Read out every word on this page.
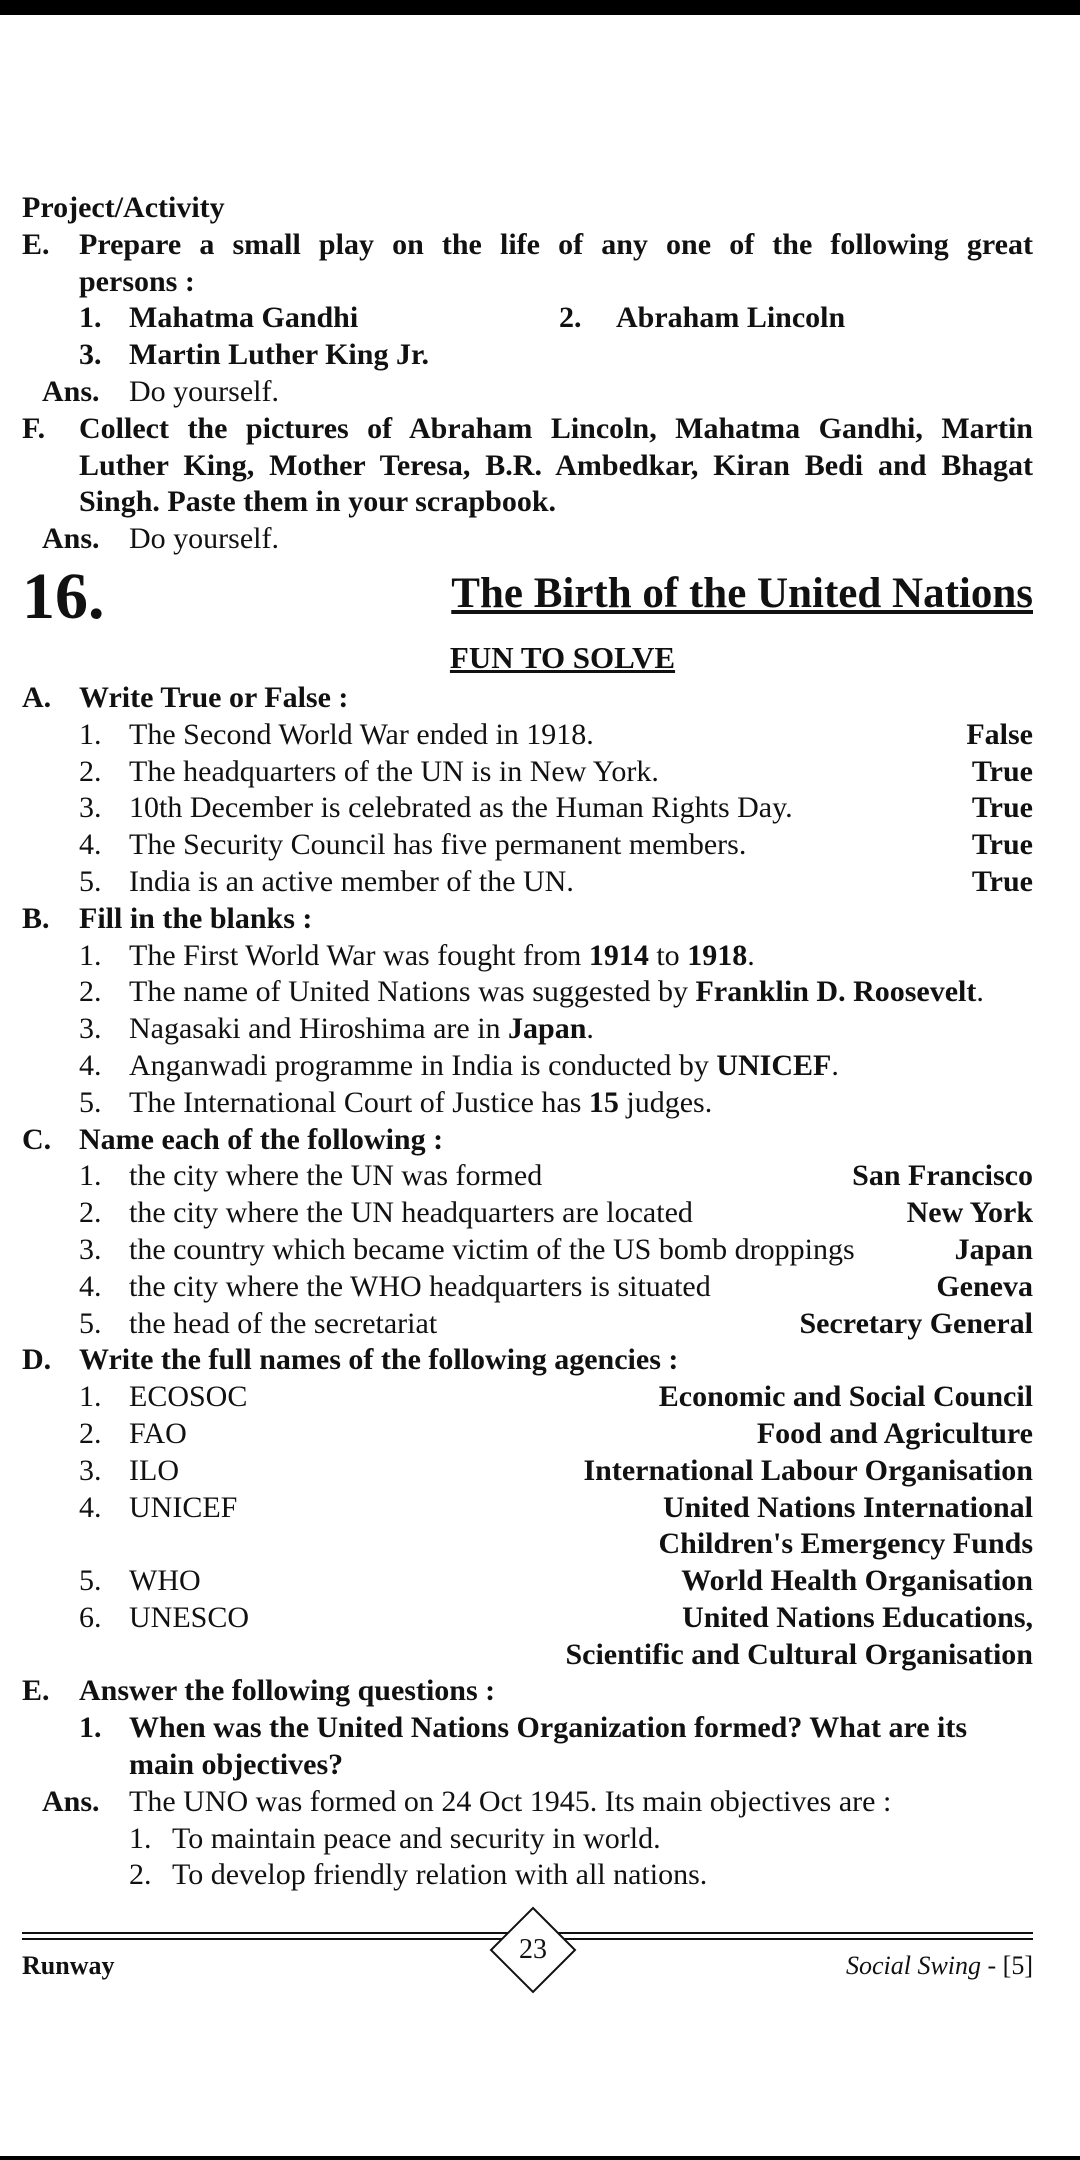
Project/Activity
E. Prepare a small play on the life of any one of the following great
persons :
1. Mahatma Gandhi	2. Abraham Lincoln
3. Martin Luther King Jr.
Ans. Do yourself.
F. Collect the pictures of Abraham Lincoln, Mahatma Gandhi, Martin
Luther King, Mother Teresa, B.R. Ambedkar, Kiran Bedi and Bhagat
Singh. Paste them in your scrapbook.
Ans. Do yourself.
16.	The Birth of the United Nations
FUN TO SOLVE
A. Write True or False :
1. The Second World War ended in 1918.	False
2. The headquarters of the UN is in New York.	True
3. 10th December is celebrated as the Human Rights Day.	True
4. The Security Council has five permanent members.	True
5. India is an active member of the UN.	True
B. Fill in the blanks :
1. The First World War was fought from 1914 to 1918.
2. The name of United Nations was suggested by Franklin D. Roosevelt.
3. Nagasaki and Hiroshima are in Japan.
4. Anganwadi programme in India is conducted by UNICEF.
5. The International Court of Justice has 15 judges.
C. Name each of the following :
1. the city where the UN was formed	San Francisco
2. the city where the UN headquarters are located	New York
3. the country which became victim of the US bomb droppings	Japan
4. the city where the WHO headquarters is situated	Geneva
5. the head of the secretariat	Secretary General
D. Write the full names of the following agencies :
1. ECOSOC	Economic and Social Council
2. FAO	Food and Agriculture
3. ILO	International Labour Organisation
4. UNICEF	United Nations International
Children's Emergency Funds
5. WHO	World Health Organisation
6. UNESCO	United Nations Educations,
Scientific and Cultural Organisation
E. Answer the following questions :
1. When was the United Nations Organization formed? What are its
main objectives?
Ans. The UNO was formed on 24 Oct 1945. Its main objectives are :
1. To maintain peace and security in world.
2. To develop friendly relation with all nations.
Runway
23
Social Swing - [5]
